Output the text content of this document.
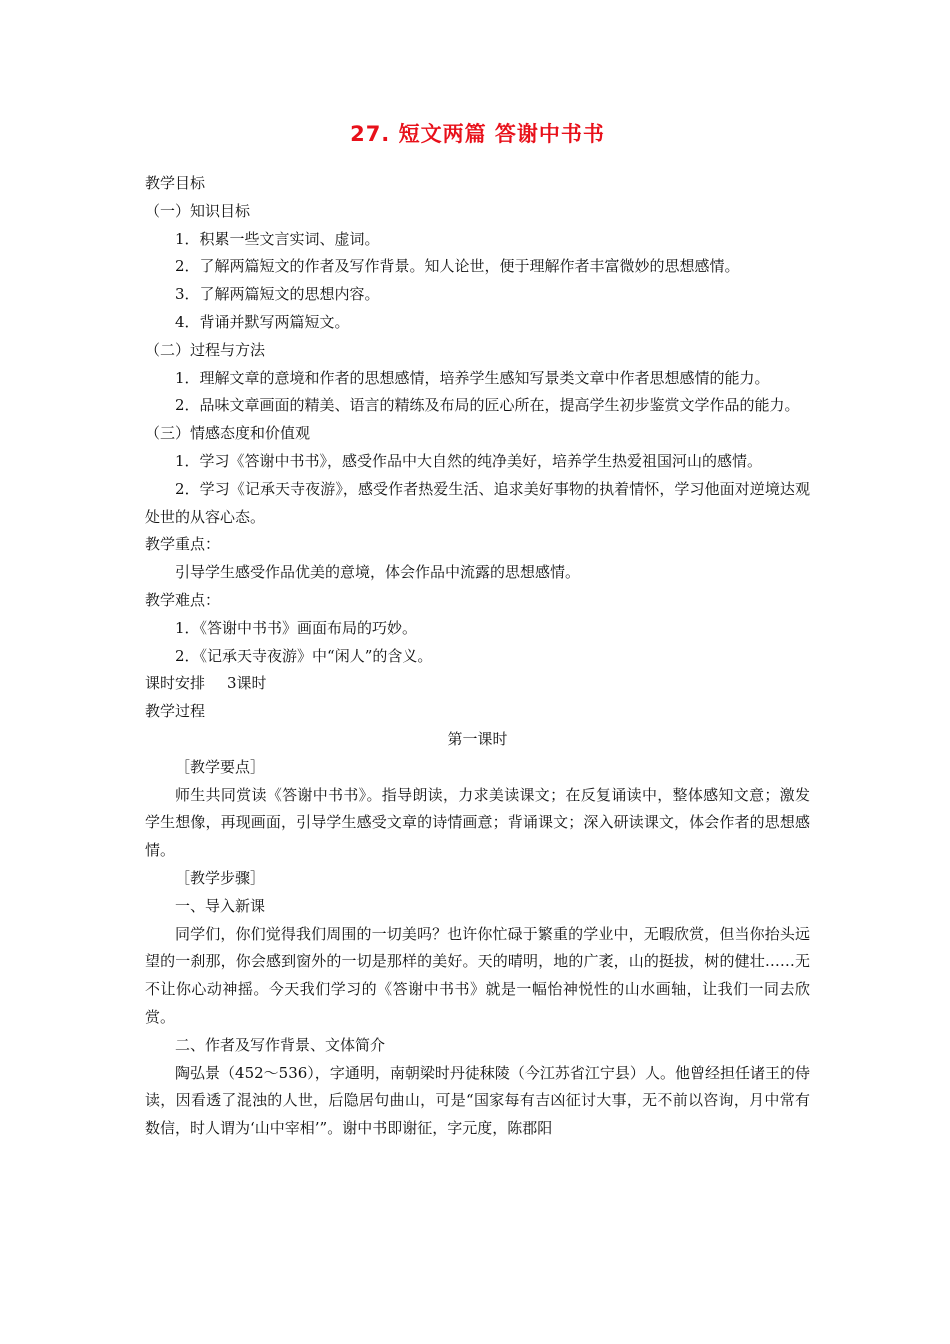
27. 短文两篇 答谢中书书
教学目标
（一）知识目标
1．积累一些文言实词、虚词。
2．了解两篇短文的作者及写作背景。知人论世，便于理解作者丰富微妙的思想感情。
3．了解两篇短文的思想内容。
4．背诵并默写两篇短文。
（二）过程与方法
1．理解文章的意境和作者的思想感情，培养学生感知写景类文章中作者思想感情的能力。
2．品味文章画面的精美、语言的精练及布局的匠心所在，提高学生初步鉴赏文学作品的能力。
（三）情感态度和价值观
1．学习《答谢中书书》，感受作品中大自然的纯净美好，培养学生热爱祖国河山的感情。
2．学习《记承天寺夜游》，感受作者热爱生活、追求美好事物的执着情怀，学习他面对逆境达观处世的从容心态。
教学重点：
引导学生感受作品优美的意境，体会作品中流露的思想感情。
教学难点：
1．《答谢中书书》画面布局的巧妙。
2．《记承天寺夜游》中“闲人”的含义。
课时安排 3课时
教学过程
第一课时
［教学要点］
师生共同赏读《答谢中书书》。指导朗读，力求美读课文；在反复诵读中，整体感知文意；激发学生想像，再现画面，引导学生感受文章的诗情画意；背诵课文；深入研读课文，体会作者的思想感情。
［教学步骤］
一、导入新课
同学们，你们觉得我们周围的一切美吗？也许你忙碌于繁重的学业中，无暇欣赏，但当你抬头远望的一刹那，你会感到窗外的一切是那样的美好。天的晴明，地的广袤，山的挺拔，树的健壮……无不让你心动神摇。今天我们学习的《答谢中书书》就是一幅怡神悦性的山水画轴，让我们一同去欣赏。
二、作者及写作背景、文体简介
陶弘景（452～536），字通明，南朝梁时丹徒秣陵（今江苏省江宁县）人。他曾经担任诸王的侍读，因看透了混浊的人世，后隐居句曲山，可是“国家每有吉凶征讨大事，无不前以咨询，月中常有数信，时人谓为‘山中宰相’”。谢中书即谢征，字元度，陈郡阳
